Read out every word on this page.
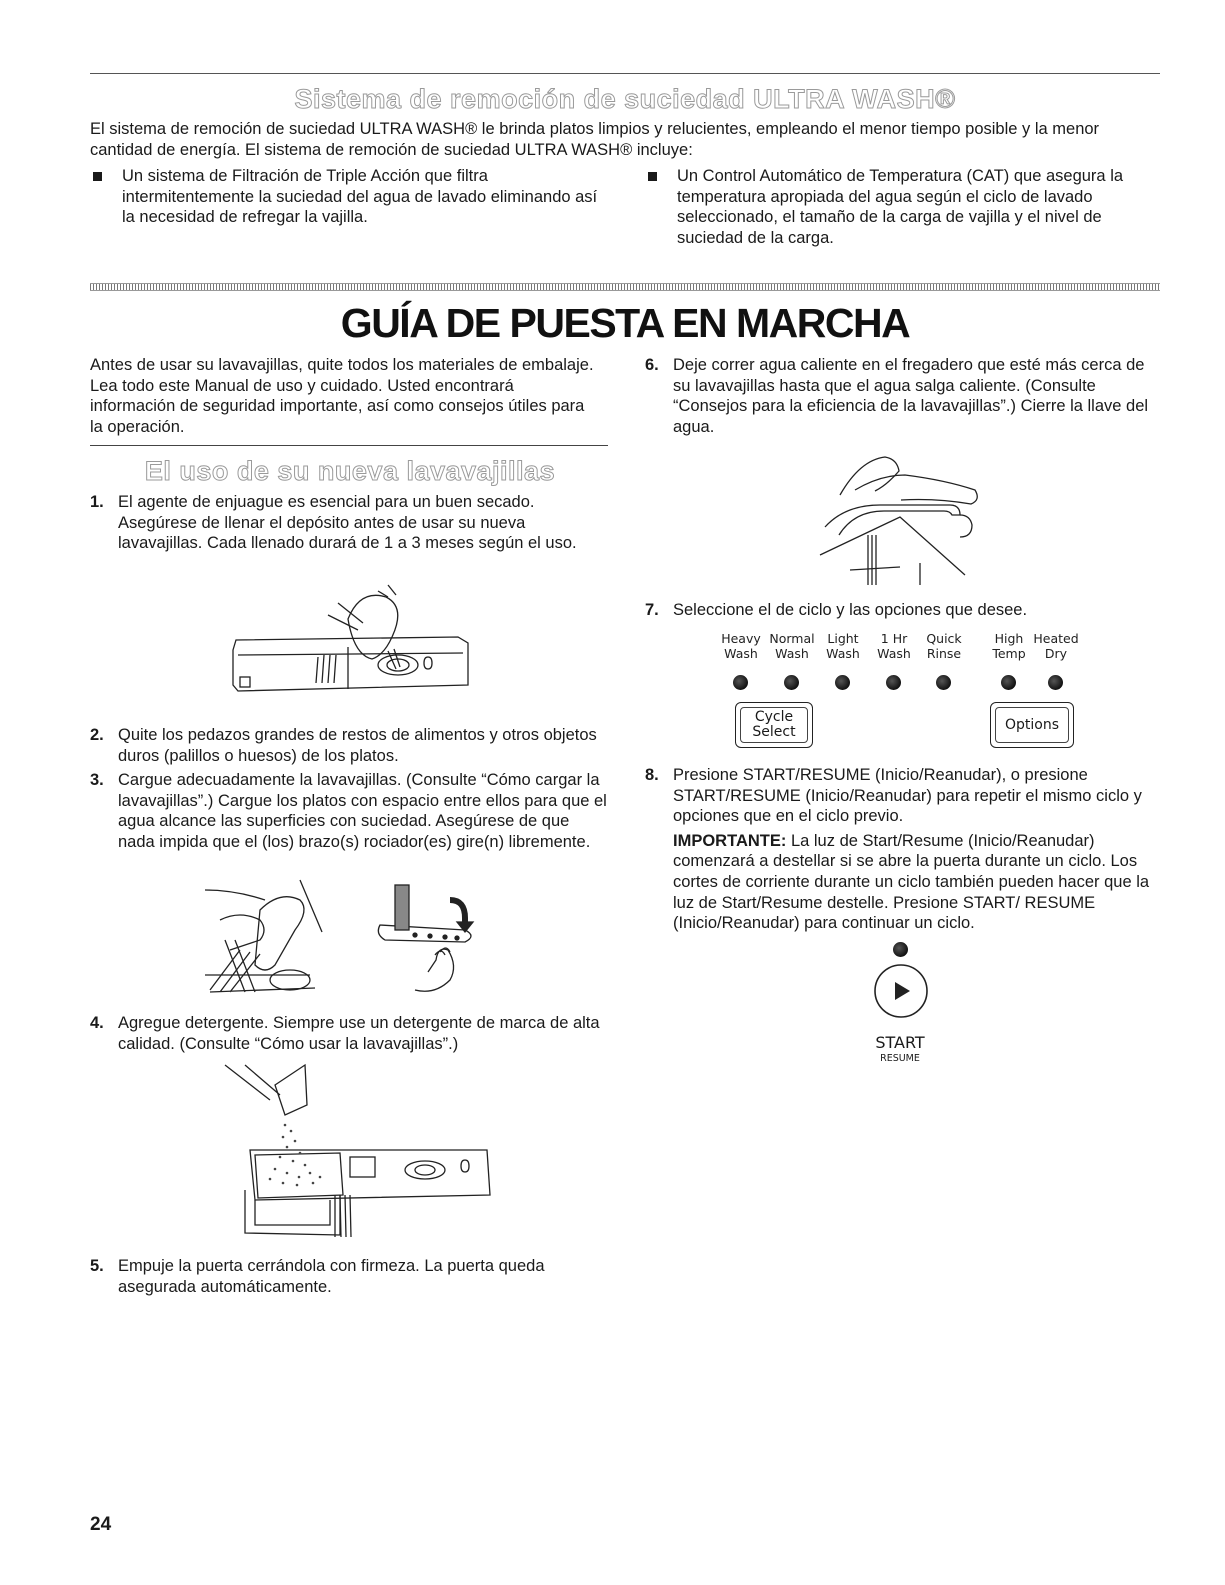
Sistema de remoción de suciedad ULTRA WASH®
El sistema de remoción de suciedad ULTRA WASH® le brinda platos limpios y relucientes, empleando el menor tiempo posible y la menor cantidad de energía. El sistema de remoción de suciedad ULTRA WASH® incluye:
Un sistema de Filtración de Triple Acción que filtra intermitentemente la suciedad del agua de lavado eliminando así la necesidad de refregar la vajilla.
Un Control Automático de Temperatura (CAT) que asegura la temperatura apropiada del agua según el ciclo de lavado seleccionado, el tamaño de la carga de vajilla y el nivel de suciedad de la carga.
GUÍA DE PUESTA EN MARCHA
Antes de usar su lavavajillas, quite todos los materiales de embalaje. Lea todo este Manual de uso y cuidado. Usted encontrará información de seguridad importante, así como consejos útiles para la operación.
El uso de su nueva lavavajillas
1. El agente de enjuague es esencial para un buen secado. Asegúrese de llenar el depósito antes de usar su nueva lavavajillas. Cada llenado durará de 1 a 3 meses según el uso.
2. Quite los pedazos grandes de restos de alimentos y otros objetos duros (palillos o huesos) de los platos.
3. Cargue adecuadamente la lavavajillas. (Consulte “Cómo cargar la lavavajillas”.) Cargue los platos con espacio entre ellos para que el agua alcance las superficies con suciedad. Asegúrese de que nada impida que el (los) brazo(s) rociador(es) gire(n) libremente.
4. Agregue detergente. Siempre use un detergente de marca de alta calidad. (Consulte “Cómo usar la lavavajillas”.)
5. Empuje la puerta cerrándola con firmeza. La puerta queda asegurada automáticamente.
6. Deje correr agua caliente en el fregadero que esté más cerca de su lavavajillas hasta que el agua salga caliente. (Consulte “Consejos para la eficiencia de la lavavajillas”.) Cierre la llave del agua.
7. Seleccione el de ciclo y las opciones que desee.
Heavy
Wash
Normal
Wash
Light
Wash
1 Hr
Wash
Quick
Rinse
High
Temp
Heated
Dry
Cycle
Select	Options
8. Presione START/RESUME (Inicio/Reanudar), o presione START/RESUME (Inicio/Reanudar) para repetir el mismo ciclo y opciones que en el ciclo previo.
IMPORTANTE: La luz de Start/Resume (Inicio/Reanudar) comenzará a destellar si se abre la puerta durante un ciclo. Los cortes de corriente durante un ciclo también pueden hacer que la luz de Start/Resume destelle. Presione START/ RESUME (Inicio/Reanudar) para continuar un ciclo.
START
RESUME
24
